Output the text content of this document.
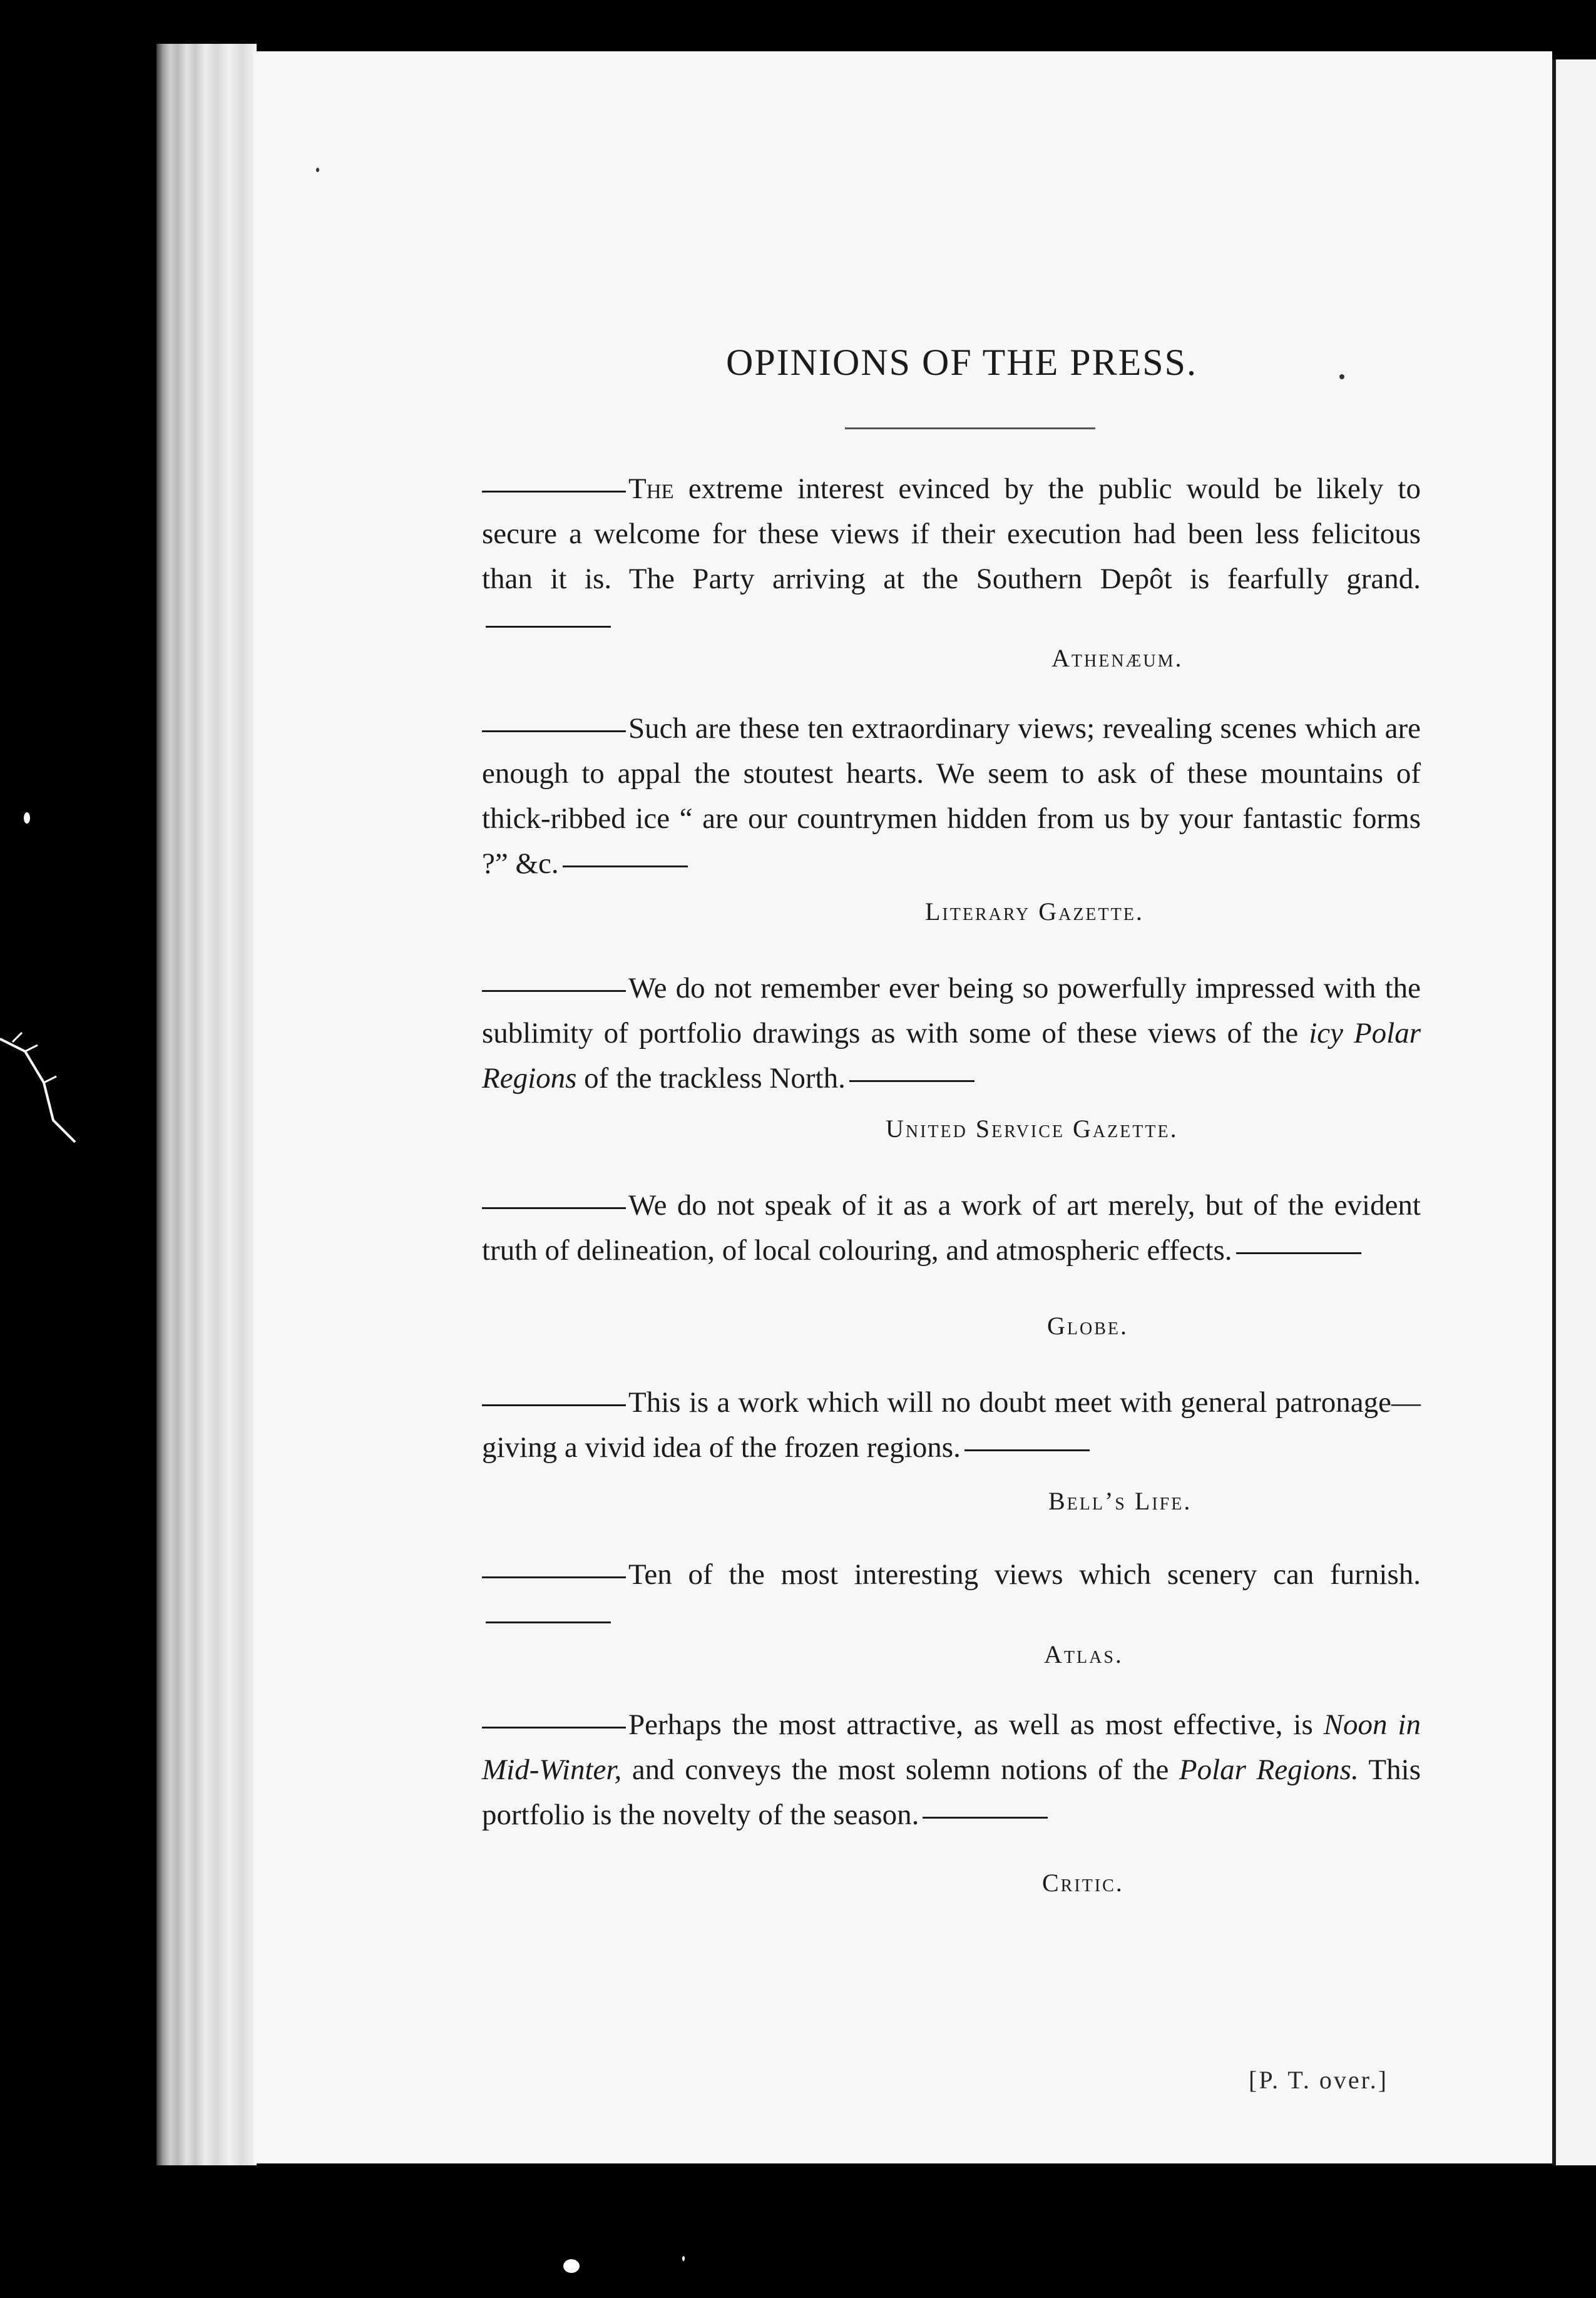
OPINIONS OF THE PRESS.
The extreme interest evinced by the public would be likely to secure a welcome for these views if their execution had been less felicitous than it is. The Party arriving at the Southern Depôt is fearfully grand.
Athenæum.
Such are these ten extraordinary views; revealing scenes which are enough to appal the stoutest hearts. We seem to ask of these mountains of thick-ribbed ice “ are our countrymen hidden from us by your fantastic forms ?” &c.
Literary Gazette.
We do not remember ever being so powerfully impressed with the sublimity of portfolio drawings as with some of these views of the icy Polar Regions of the trackless North.
United Service Gazette.
We do not speak of it as a work of art merely, but of the evident truth of delineation, of local colouring, and atmospheric effects.
Globe.
This is a work which will no doubt meet with general patronage—giving a vivid idea of the frozen regions.
Bell’s Life.
Ten of the most interesting views which scenery can furnish.
Atlas.
Perhaps the most attractive, as well as most effective, is Noon in Mid-Winter, and conveys the most solemn notions of the Polar Regions. This portfolio is the novelty of the season.
Critic.
[P. T. over.]
